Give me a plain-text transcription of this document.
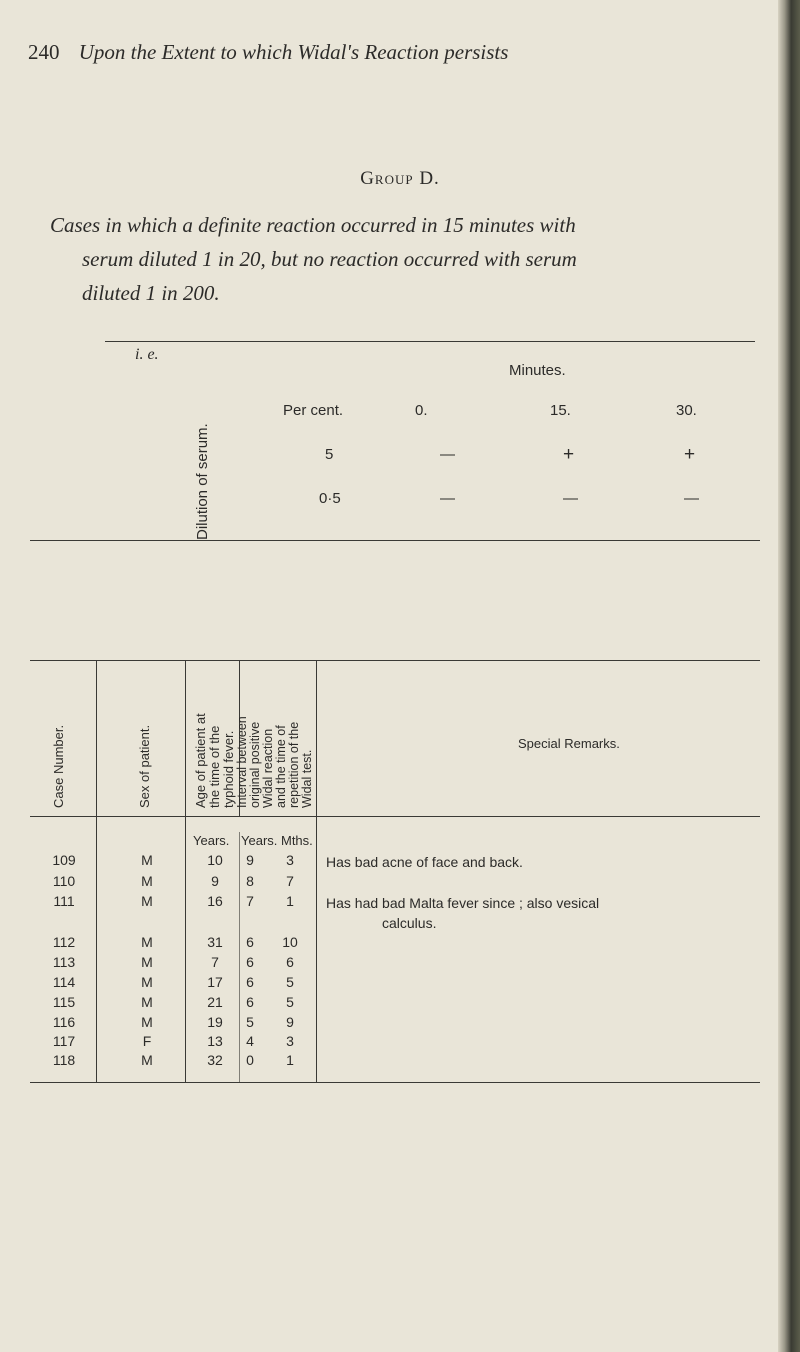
240 Upon the Extent to which Widal's Reaction persists
Group D.
Cases in which a definite reaction occurred in 15 minutes with
serum diluted 1 in 20, but no reaction occurred with serum
diluted 1 in 200.
i. e.
Dilution of serum.
Minutes.
Per cent.	0.	15.	30.
5	—	+	+
0·5	—	—	—
Case Number.	Sex of patient.	Age of patient at the time of the typhoid fever. Interval between original positive Widal reaction and the time of repetition of the Widal test.
Special Remarks.
Years. Years. Mths.
109	M	10	9	3	Has bad acne of face and back.
110	M	9	8	7
111	M	16	7	1	Has had bad Malta fever since ; also vesical
calculus.
112	M	31	6	10
113	M	7	6	6
114	M	17	6	5
115	M	21	6	5
116	M	19	5	9
117	F	13	4	3
118	M	32	0	1
